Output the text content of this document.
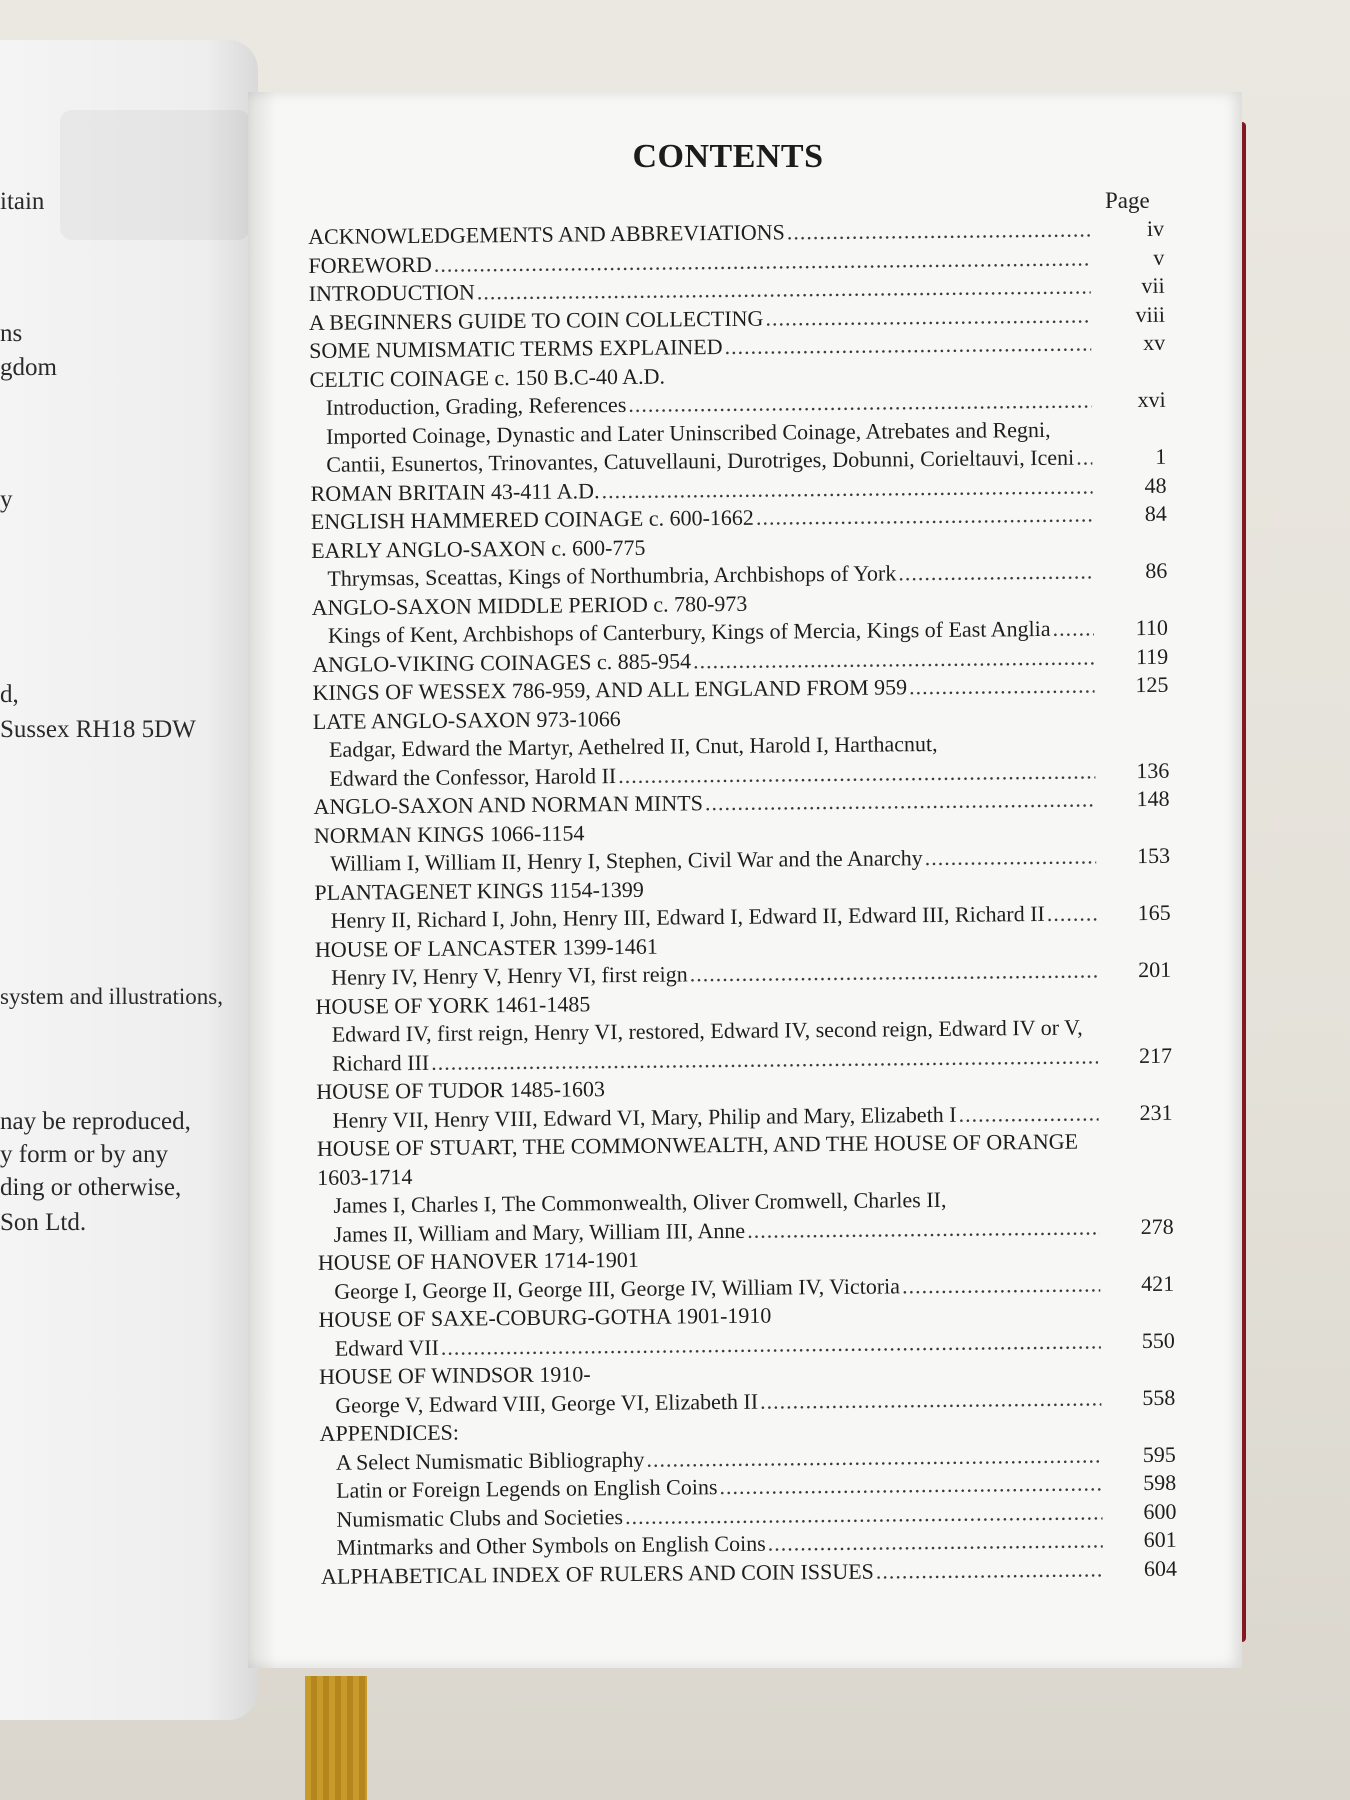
itain

ns

gdom

y

d,

Sussex RH18 5DW

system and illustrations,

nay be reproduced,

y form or by any

ding or otherwise,

Son Ltd.

CONTENTS
Page
ACKNOWLEDGEMENTS AND ABBREVIATIONS .....	iv
FOREWORD .....	v
INTRODUCTION .....	vii
A BEGINNERS GUIDE TO COIN COLLECTING .....	viii
SOME NUMISMATIC TERMS EXPLAINED .....	xv
CELTIC COINAGE c. 150 B.C-40 A.D.
Introduction, Grading, References .....	xvi
Imported Coinage, Dynastic and Later Uninscribed Coinage, Atrebates and Regni,
Cantii, Esunertos, Trinovantes, Catuvellauni, Durotriges, Dobunni, Corieltauvi, Iceni .....	1
ROMAN BRITAIN 43-411 A.D. .....	48
ENGLISH HAMMERED COINAGE c. 600-1662 .....	84
EARLY ANGLO-SAXON c. 600-775
Thrymsas, Sceattas, Kings of Northumbria, Archbishops of York .....	86
ANGLO-SAXON MIDDLE PERIOD c. 780-973
Kings of Kent, Archbishops of Canterbury, Kings of Mercia, Kings of East Anglia .....	110
ANGLO-VIKING COINAGES c. 885-954 .....	119
KINGS OF WESSEX 786-959, AND ALL ENGLAND FROM 959 .....	125
LATE ANGLO-SAXON 973-1066
Eadgar, Edward the Martyr, Aethelred II, Cnut, Harold I, Harthacnut,
Edward the Confessor, Harold II .....	136
ANGLO-SAXON AND NORMAN MINTS .....	148
NORMAN KINGS 1066-1154
William I, William II, Henry I, Stephen, Civil War and the Anarchy .....	153
PLANTAGENET KINGS 1154-1399
Henry II, Richard I, John, Henry III, Edward I, Edward II, Edward III, Richard II .....	165
HOUSE OF LANCASTER 1399-1461
Henry IV, Henry V, Henry VI, first reign .....	201
HOUSE OF YORK 1461-1485
Edward IV, first reign, Henry VI, restored, Edward IV, second reign, Edward IV or V,
Richard III .....	217
HOUSE OF TUDOR 1485-1603
Henry VII, Henry VIII, Edward VI, Mary, Philip and Mary, Elizabeth I .....	231
HOUSE OF STUART, THE COMMONWEALTH, AND THE HOUSE OF ORANGE
1603-1714
James I, Charles I, The Commonwealth, Oliver Cromwell, Charles II,
James II, William and Mary, William III, Anne .....	278
HOUSE OF HANOVER 1714-1901
George I, George II, George III, George IV, William IV, Victoria .....	421
HOUSE OF SAXE-COBURG-GOTHA 1901-1910
Edward VII .....	550
HOUSE OF WINDSOR 1910-
George V, Edward VIII, George VI, Elizabeth II .....	558
APPENDICES:
A Select Numismatic Bibliography .....	595
Latin or Foreign Legends on English Coins .....	598
Numismatic Clubs and Societies .....	600
Mintmarks and Other Symbols on English Coins .....	601
ALPHABETICAL INDEX OF RULERS AND COIN ISSUES .....	604
